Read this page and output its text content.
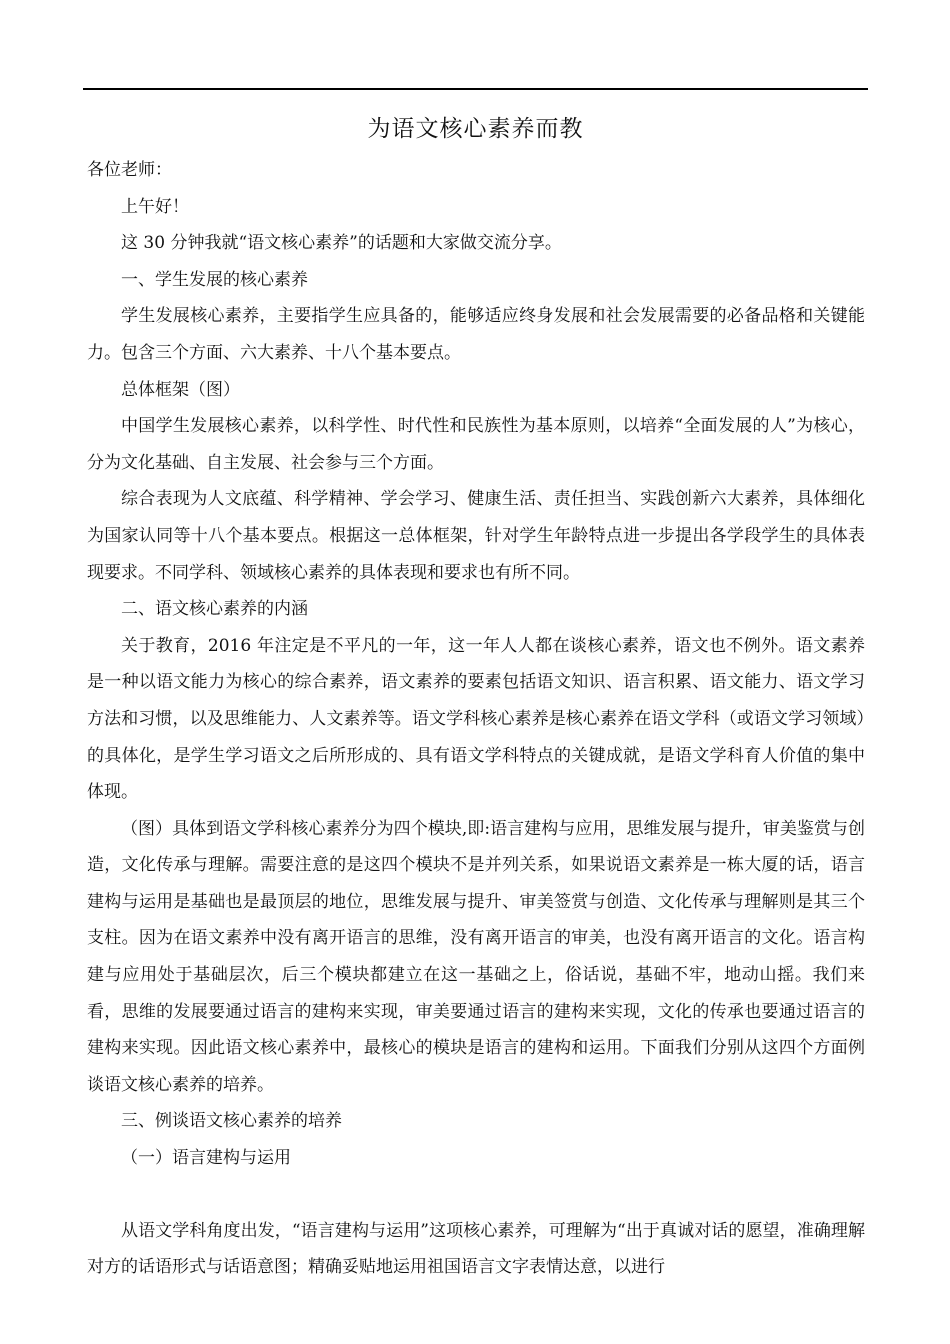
为语文核心素养而教

各位老师：

上午好！

这 30 分钟我就“语文核心素养”的话题和大家做交流分享。

一、学生发展的核心素养

学生发展核心素养，主要指学生应具备的，能够适应终身发展和社会发展需要的必备品格和关键能力。包含三个方面、六大素养、十八个基本要点。

总体框架（图）

中国学生发展核心素养，以科学性、时代性和民族性为基本原则，以培养“全面发展的人”为核心，分为文化基础、自主发展、社会参与三个方面。

综合表现为人文底蕴、科学精神、学会学习、健康生活、责任担当、实践创新六大素养，具体细化为国家认同等十八个基本要点。根据这一总体框架，针对学生年龄特点进一步提出各学段学生的具体表现要求。不同学科、领域核心素养的具体表现和要求也有所不同。

二、语文核心素养的内涵

关于教育，2016 年注定是不平凡的一年，这一年人人都在谈核心素养，语文也不例外。语文素养是一种以语文能力为核心的综合素养，语文素养的要素包括语文知识、语言积累、语文能力、语文学习方法和习惯，以及思维能力、人文素养等。语文学科核心素养是核心素养在语文学科（或语文学习领域）的具体化，是学生学习语文之后所形成的、具有语文学科特点的关键成就，是语文学科育人价值的集中体现。

（图）具体到语文学科核心素养分为四个模块,即:语言建构与应用，思维发展与提升，审美鉴赏与创造，文化传承与理解。需要注意的是这四个模块不是并列关系，如果说语文素养是一栋大厦的话，语言建构与运用是基础也是最顶层的地位，思维发展与提升、审美签赏与创造、文化传承与理解则是其三个支柱。因为在语文素养中没有离开语言的思维，没有离开语言的审美，也没有离开语言的文化。语言构建与应用处于基础层次，后三个模块都建立在这一基础之上，俗话说，基础不牢，地动山摇。我们来看，思维的发展要通过语言的建构来实现，审美要通过语言的建构来实现，文化的传承也要通过语言的建构来实现。因此语文核心素养中，最核心的模块是语言的建构和运用。下面我们分别从这四个方面例谈语文核心素养的培养。

三、例谈语文核心素养的培养

（一）语言建构与运用

从语文学科角度出发，“语言建构与运用”这项核心素养，可理解为“出于真诚对话的愿望，准确理解对方的话语形式与话语意图；精确妥贴地运用祖国语言文字表情达意，以进行
